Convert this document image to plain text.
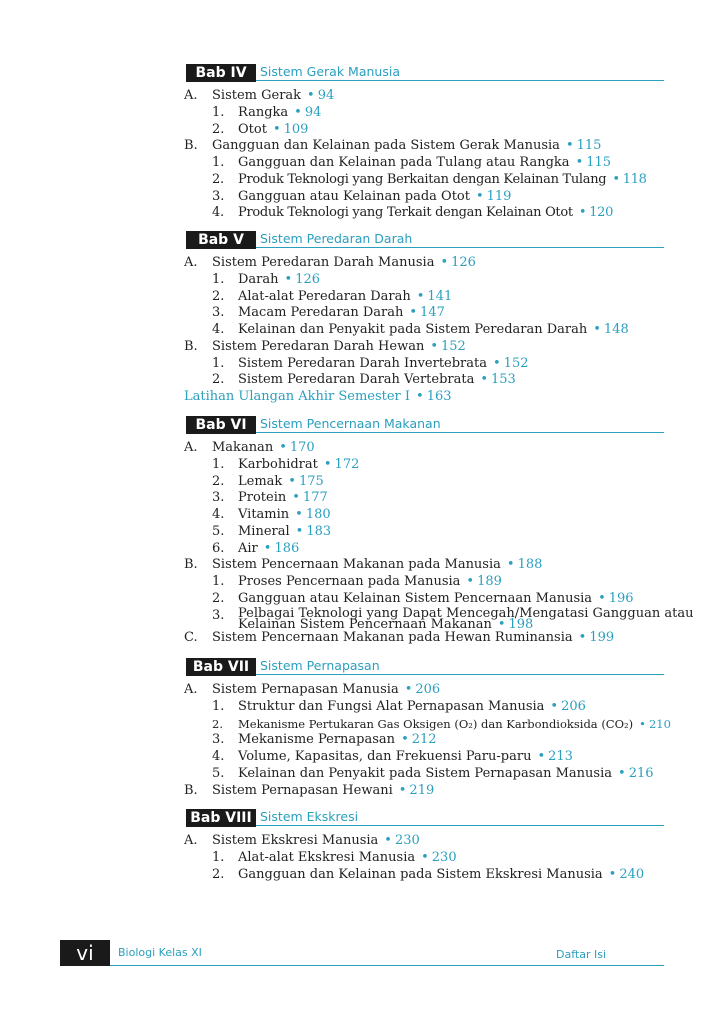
Bab IV	Sistem Gerak Manusia
A. Sistem Gerak • 94
1. Rangka • 94
2. Otot • 109
B. Gangguan dan Kelainan pada Sistem Gerak Manusia • 115
1. Gangguan dan Kelainan pada Tulang atau Rangka • 115
2. Produk Teknologi yang Berkaitan dengan Kelainan Tulang • 118
3. Gangguan atau Kelainan pada Otot • 119
4. Produk Teknologi yang Terkait dengan Kelainan Otot • 120
Bab V	Sistem Peredaran Darah
A. Sistem Peredaran Darah Manusia • 126
1. Darah • 126
2. Alat-alat Peredaran Darah • 141
3. Macam Peredaran Darah • 147
4. Kelainan dan Penyakit pada Sistem Peredaran Darah • 148
B. Sistem Peredaran Darah Hewan • 152
1. Sistem Peredaran Darah Invertebrata • 152
2. Sistem Peredaran Darah Vertebrata • 153
Latihan Ulangan Akhir Semester I • 163
Bab VI	Sistem Pencernaan Makanan
A. Makanan • 170
1. Karbohidrat • 172
2. Lemak • 175
3. Protein • 177
4. Vitamin • 180
5. Mineral • 183
6. Air • 186
B. Sistem Pencernaan Makanan pada Manusia • 188
1. Proses Pencernaan pada Manusia • 189
2. Gangguan atau Kelainan Sistem Pencernaan Manusia • 196
3. Pelbagai Teknologi yang Dapat Mencegah/Mengatasi Gangguan atau
Kelainan Sistem Pencernaan Makanan • 198
C. Sistem Pencernaan Makanan pada Hewan Ruminansia • 199
Bab VII Sistem Pernapasan
A. Sistem Pernapasan Manusia • 206
1. Struktur dan Fungsi Alat Pernapasan Manusia • 206
2. Mekanisme Pertukaran Gas Oksigen (O₂) dan Karbondioksida (CO₂) • 210
3. Mekanisme Pernapasan • 212
4. Volume, Kapasitas, dan Frekuensi Paru-paru • 213
5. Kelainan dan Penyakit pada Sistem Pernapasan Manusia • 216
B. Sistem Pernapasan Hewani • 219
Bab VIII Sistem Ekskresi
A. Sistem Ekskresi Manusia • 230
1. Alat-alat Ekskresi Manusia • 230
2. Gangguan dan Kelainan pada Sistem Ekskresi Manusia • 240
vi	Biologi Kelas XI	Daftar Isi
